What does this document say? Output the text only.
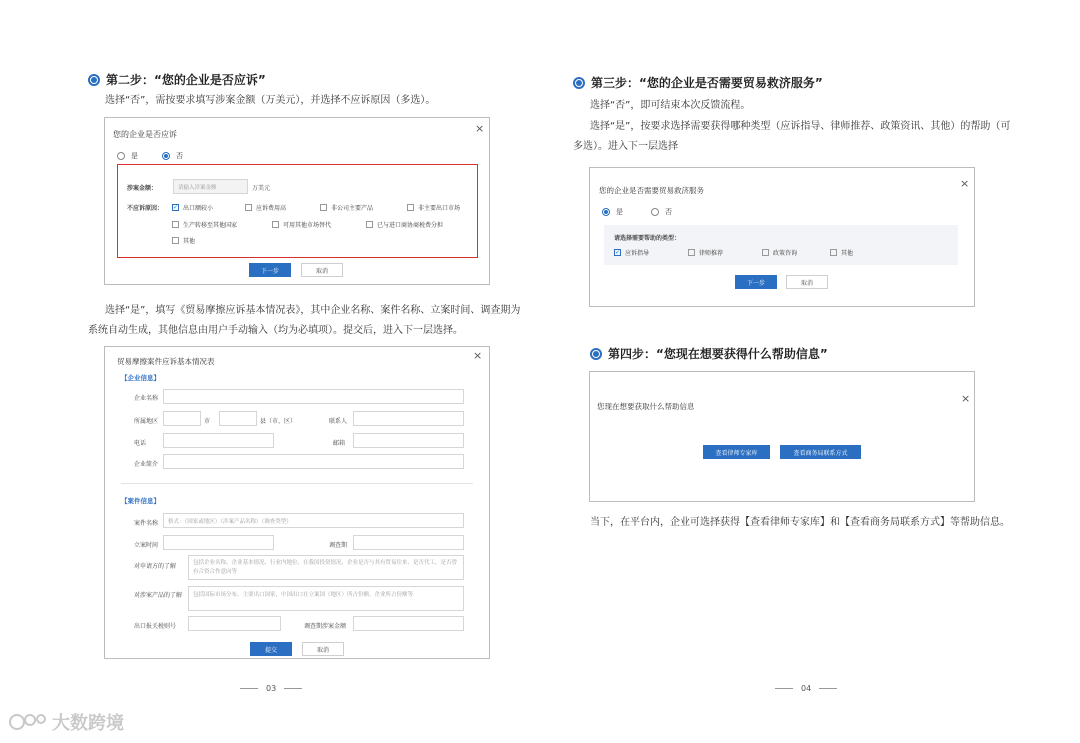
第二步：“您的企业是否应诉”
选择“否”，需按要求填写涉案金额（万美元），并选择不应诉原因（多选）。
您的企业是否应诉	×
是	否
涉案金额：	请输入涉案金额	万美元
不应诉原因： ✓ 出口额较小	应诉费用高	非公司主要产品	非主要出口市场
生产转移至其他国家	可用其他市场替代	已与进口商协商税费分担
其他
下一步	取消
选择“是”，填写《贸易摩擦应诉基本情况表》，其中企业名称、案件名称、立案时间、调查期为
系统自动生成，其他信息由用户手动输入（均为必填项）。提交后，进入下一层选择。
贸易摩擦案件应诉基本情况表	×
【企业信息】
企业名称
所属地区	市	县（市、区）	联系人
电话	邮箱
企业简介
【案件信息】
案件名称	格式：（国家或地区）（涉案产品名称）（调查类型）
立案时间	调查期
对申请方的了解	包括企业名称、企业基本情况、行业内地位、在我国投资情况，企业是否与其有贸易往来、是否代工，是否曾有合资合作意向等
对涉案产品的了解	包括国际市场分布，主要出口国家，中国出口在立案国（地区）所占份额，企业所占份额等
出口报关税则号	调查期涉案金额
提交	取消
03
第三步：“您的企业是否需要贸易救济服务”
选择“否”，即可结束本次反馈流程。
选择“是”，按要求选择需要获得哪种类型（应诉指导、律师推荐、政策资讯、其他）的帮助（可
多选）。进入下一层选择
您的企业是否需要贸易救济服务
×
是	否
请选择需要帮助的类型：
✓ 应诉指导	律师推荐	政策咨询	其他
下一步	取消
第四步：“您现在想要获得什么帮助信息”
您现在想要获取什么帮助信息
×
查看律师专家库	查看商务局联系方式
当下，在平台内，企业可选择获得【查看律师专家库】和【查看商务局联系方式】等帮助信息。
04
大数跨境
